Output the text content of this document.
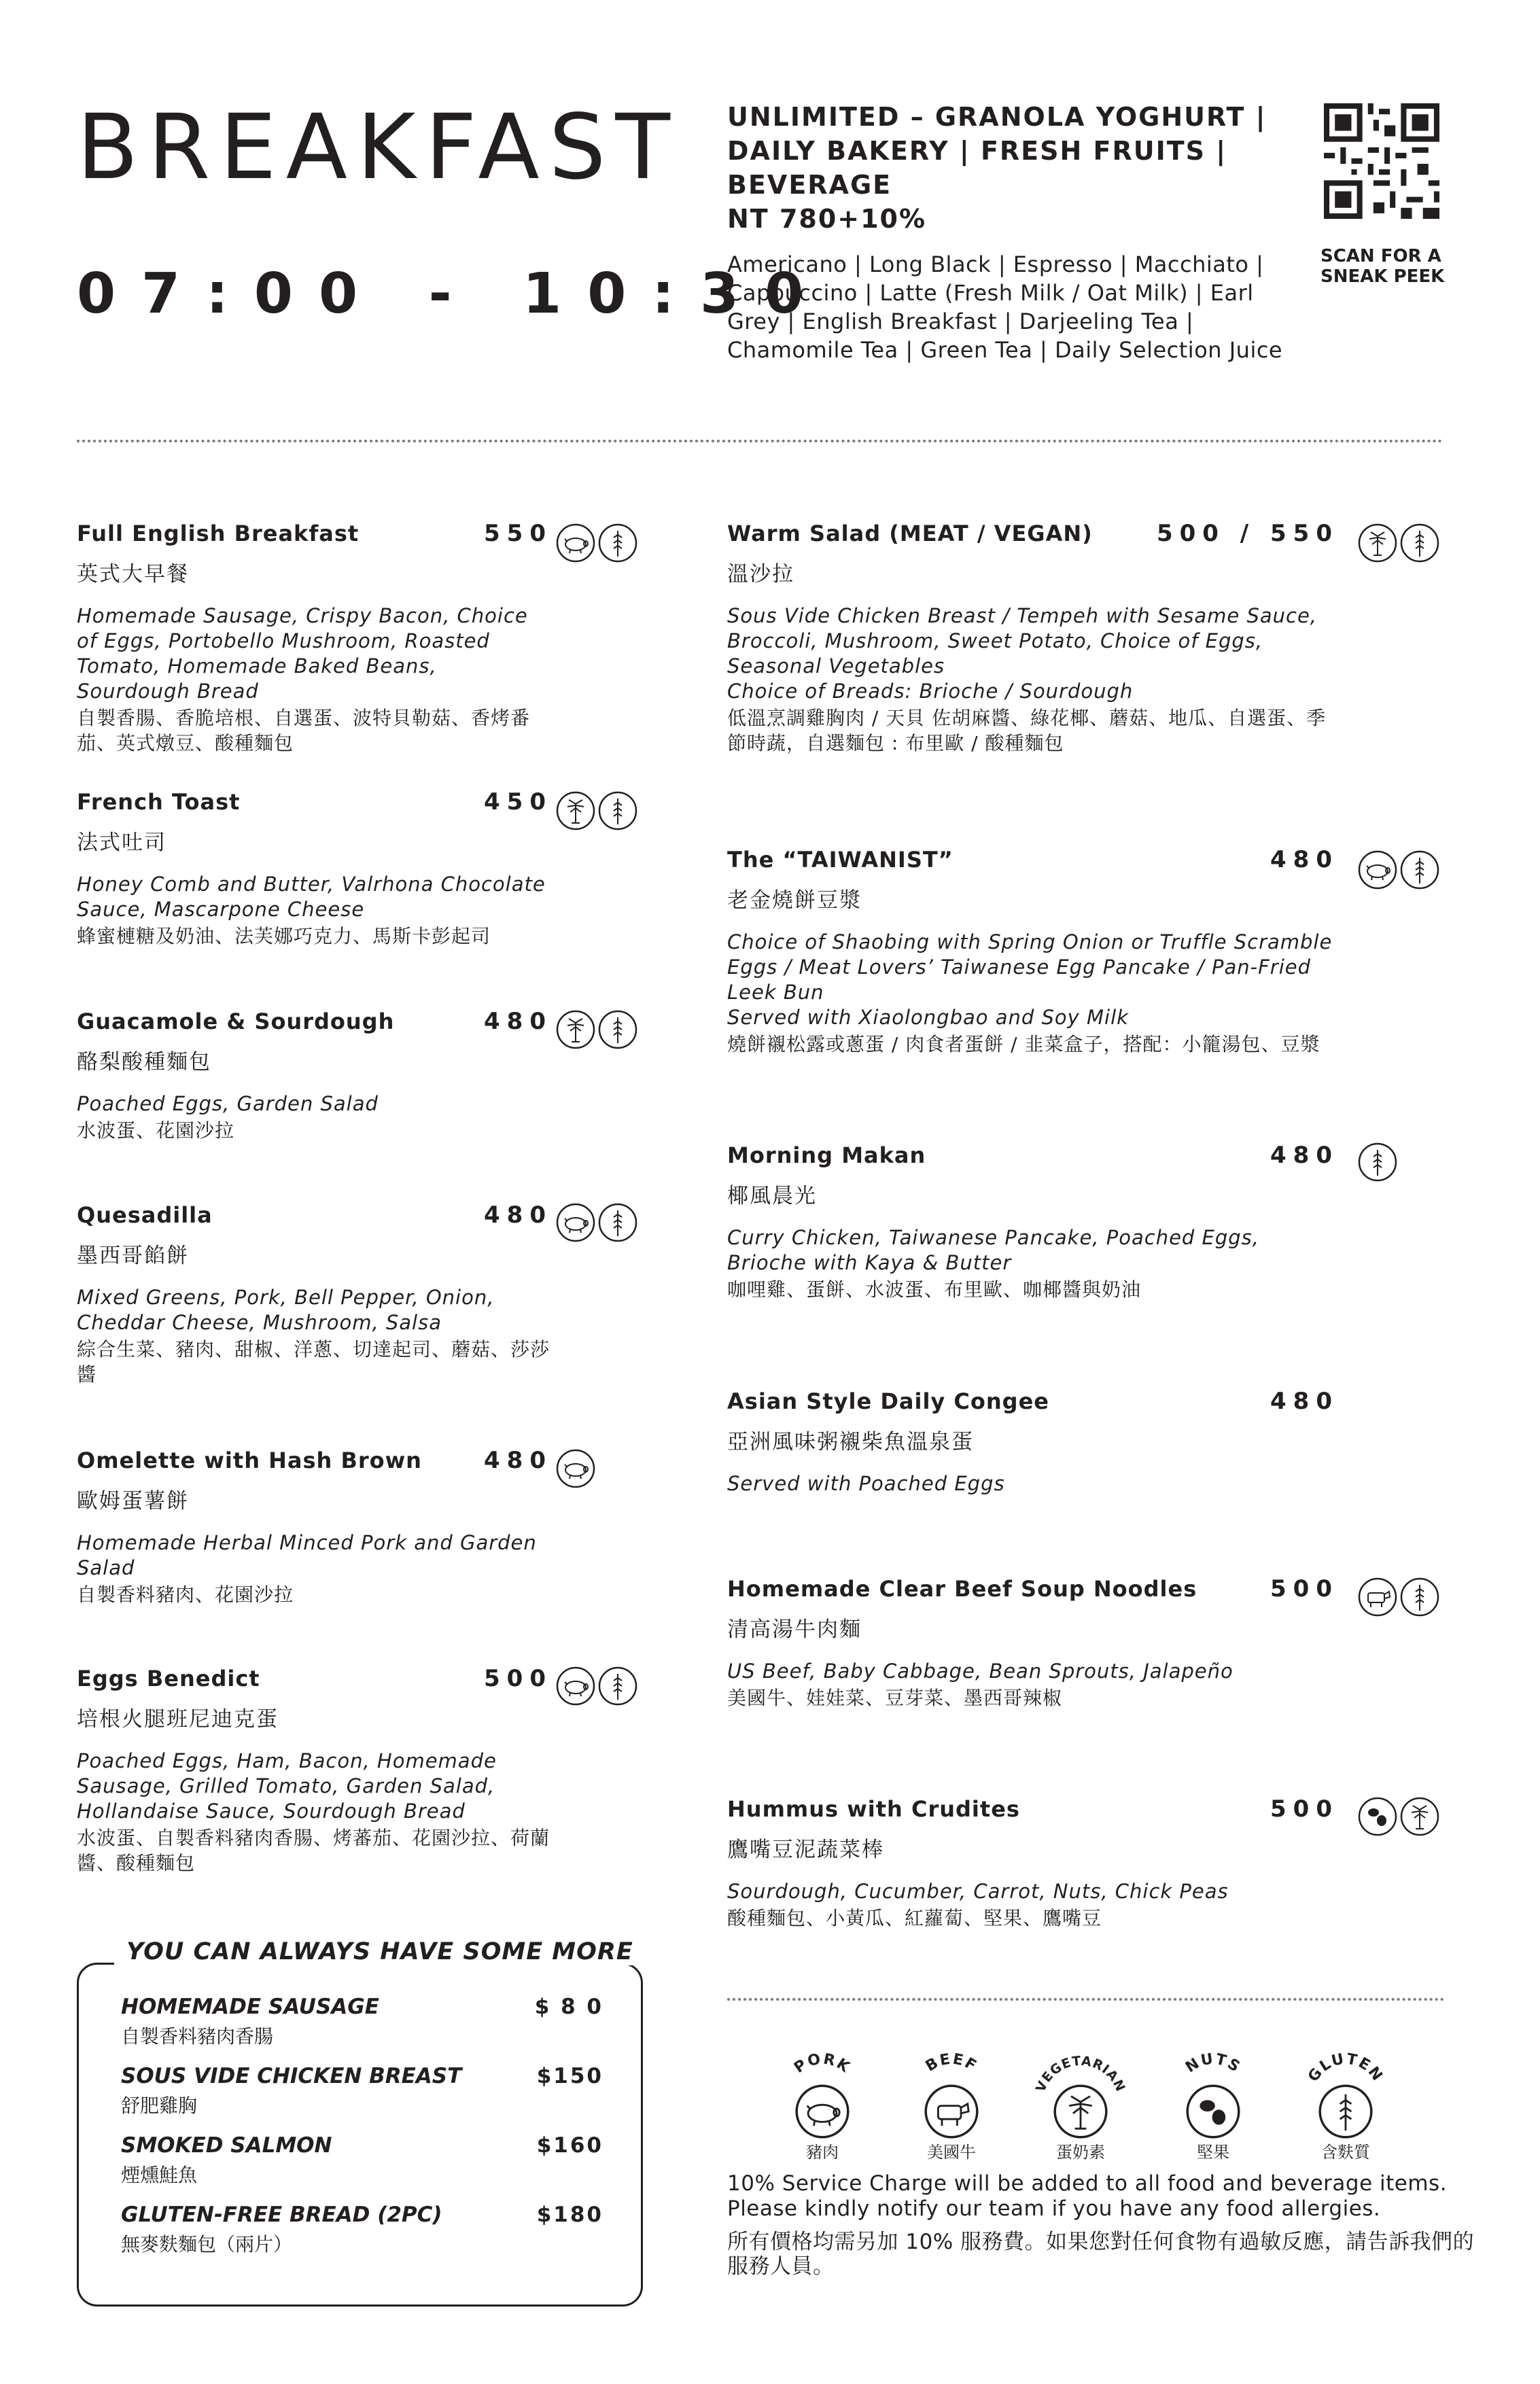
BREAKFAST
07:00 - 10:30
UNLIMITED – GRANOLA YOGHURT | DAILY BAKERY | FRESH FRUITS | BEVERAGE
NT 780+10%
Americano | Long Black | Espresso | Macchiato | Cappuccino | Latte (Fresh Milk / Oat Milk) | Earl Grey | English Breakfast | Darjeeling Tea | Chamomile Tea | Green Tea | Daily Selection Juice
SCAN FOR A SNEAK PEEK
Full English Breakfast	550
英式大早餐
Homemade Sausage, Crispy Bacon, Choice of Eggs, Portobello Mushroom, Roasted Tomato, Homemade Baked Beans, Sourdough Bread
自製香腸、香脆培根、自選蛋、波特貝勒菇、香烤番茄、英式燉豆、酸種麵包
French Toast	450
法式吐司
Honey Comb and Butter, Valrhona Chocolate Sauce, Mascarpone Cheese
蜂蜜槤糖及奶油、法芙娜巧克力、馬斯卡彭起司
Guacamole & Sourdough	480
酪梨酸種麵包
Poached Eggs, Garden Salad
水波蛋、花園沙拉
Quesadilla	480
墨西哥餡餅
Mixed Greens, Pork, Bell Pepper, Onion, Cheddar Cheese, Mushroom, Salsa
綜合生菜、豬肉、甜椒、洋蔥、切達起司、蘑菇、莎莎醬
Omelette with Hash Brown	480
歐姆蛋薯餅
Homemade Herbal Minced Pork and Garden Salad
自製香料豬肉、花園沙拉
Eggs Benedict	500
培根火腿班尼迪克蛋
Poached Eggs, Ham, Bacon, Homemade Sausage, Grilled Tomato, Garden Salad, Hollandaise Sauce, Sourdough Bread
水波蛋、自製香料豬肉香腸、烤蕃茄、花園沙拉、荷蘭醬、酸種麵包
YOU CAN ALWAYS HAVE SOME MORE
HOMEMADE SAUSAGE	$ 8 0
自製香料豬肉香腸
SOUS VIDE CHICKEN BREAST	$150
舒肥雞胸
SMOKED SALMON	$160
煙燻鮭魚
GLUTEN-FREE BREAD (2PC)	$180
無麥麩麵包（兩片）
Warm Salad (MEAT / VEGAN)	500 / 550
溫沙拉
Sous Vide Chicken Breast / Tempeh with Sesame Sauce, Broccoli, Mushroom, Sweet Potato, Choice of Eggs, Seasonal Vegetables
Choice of Breads: Brioche / Sourdough
低溫烹調雞胸肉 / 天貝 佐胡麻醬、綠花椰、蘑菇、地瓜、自選蛋、季節時蔬，自選麵包 : 布里歐 / 酸種麵包
The “TAIWANIST”	480
老金燒餅豆漿
Choice of Shaobing with Spring Onion or Truffle Scramble Eggs / Meat Lovers’ Taiwanese Egg Pancake / Pan-Fried Leek Bun
Served with Xiaolongbao and Soy Milk
燒餅襯松露或蔥蛋 / 肉食者蛋餅 / 韭菜盒子，搭配：小籠湯包、豆漿
Morning Makan	480
椰風晨光
Curry Chicken, Taiwanese Pancake, Poached Eggs, Brioche with Kaya & Butter
咖哩雞、蛋餅、水波蛋、布里歐、咖椰醬與奶油
Asian Style Daily Congee	480
亞洲風味粥襯柴魚溫泉蛋
Served with Poached Eggs
Homemade Clear Beef Soup Noodles	500
清高湯牛肉麵
US Beef, Baby Cabbage, Bean Sprouts, Jalapeño
美國牛、娃娃菜、豆芽菜、墨西哥辣椒
Hummus with Crudites	500
鷹嘴豆泥蔬菜棒
Sourdough, Cucumber, Carrot, Nuts, Chick Peas
酸種麵包、小黃瓜、紅蘿蔔、堅果、鷹嘴豆
PORK
豬肉
BEEF
美國牛
VEGETARIAN
蛋奶素
NUTS
堅果
GLUTEN
含麩質
10% Service Charge will be added to all food and beverage items.
Please kindly notify our team if you have any food allergies.
所有價格均需另加 10% 服務費。如果您對任何食物有過敏反應，請告訴我們的服務人員。
